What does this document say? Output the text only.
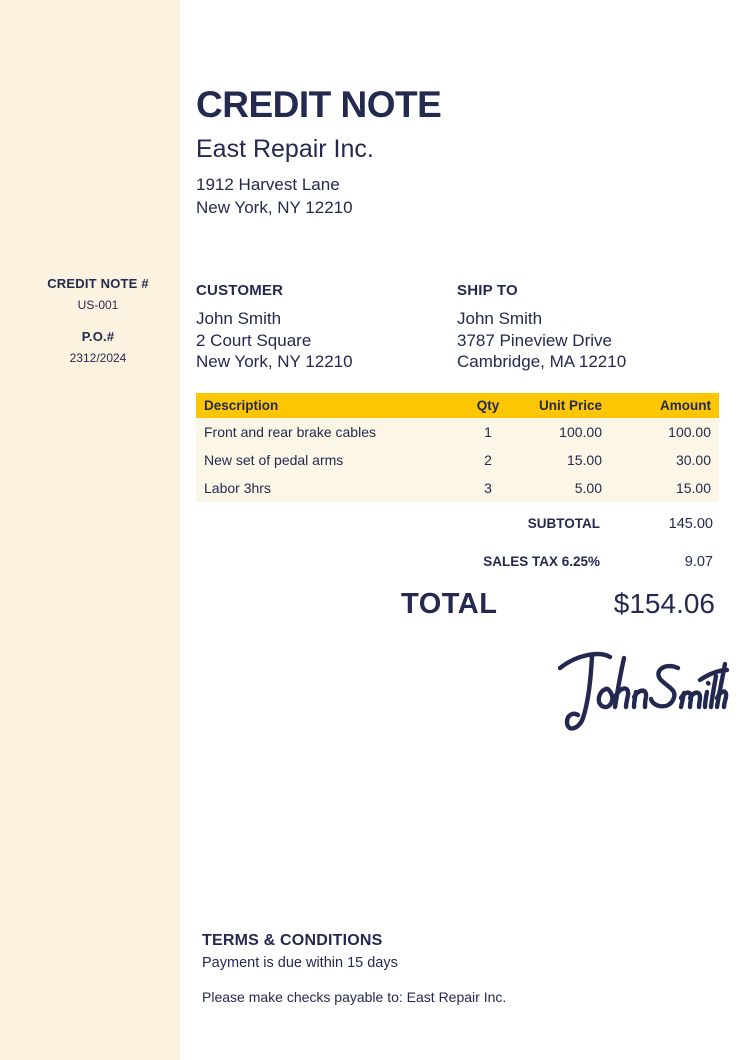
CREDIT NOTE #
US-001
P.O.#
2312/2024
CREDIT NOTE
East Repair Inc.
1912 Harvest Lane
New York, NY 12210
CUSTOMER
John Smith
2 Court Square
New York, NY 12210
SHIP TO
John Smith
3787 Pineview Drive
Cambridge, MA 12210
Description	Qty	Unit Price	Amount
Front and rear brake cables	1	100.00	100.00
New set of pedal arms	2	15.00	30.00
Labor 3hrs	3	5.00	15.00
SUBTOTAL	145.00
SALES TAX 6.25%	9.07
TOTAL	$154.06
TERMS & CONDITIONS
Payment is due within 15 days
Please make checks payable to: East Repair Inc.
